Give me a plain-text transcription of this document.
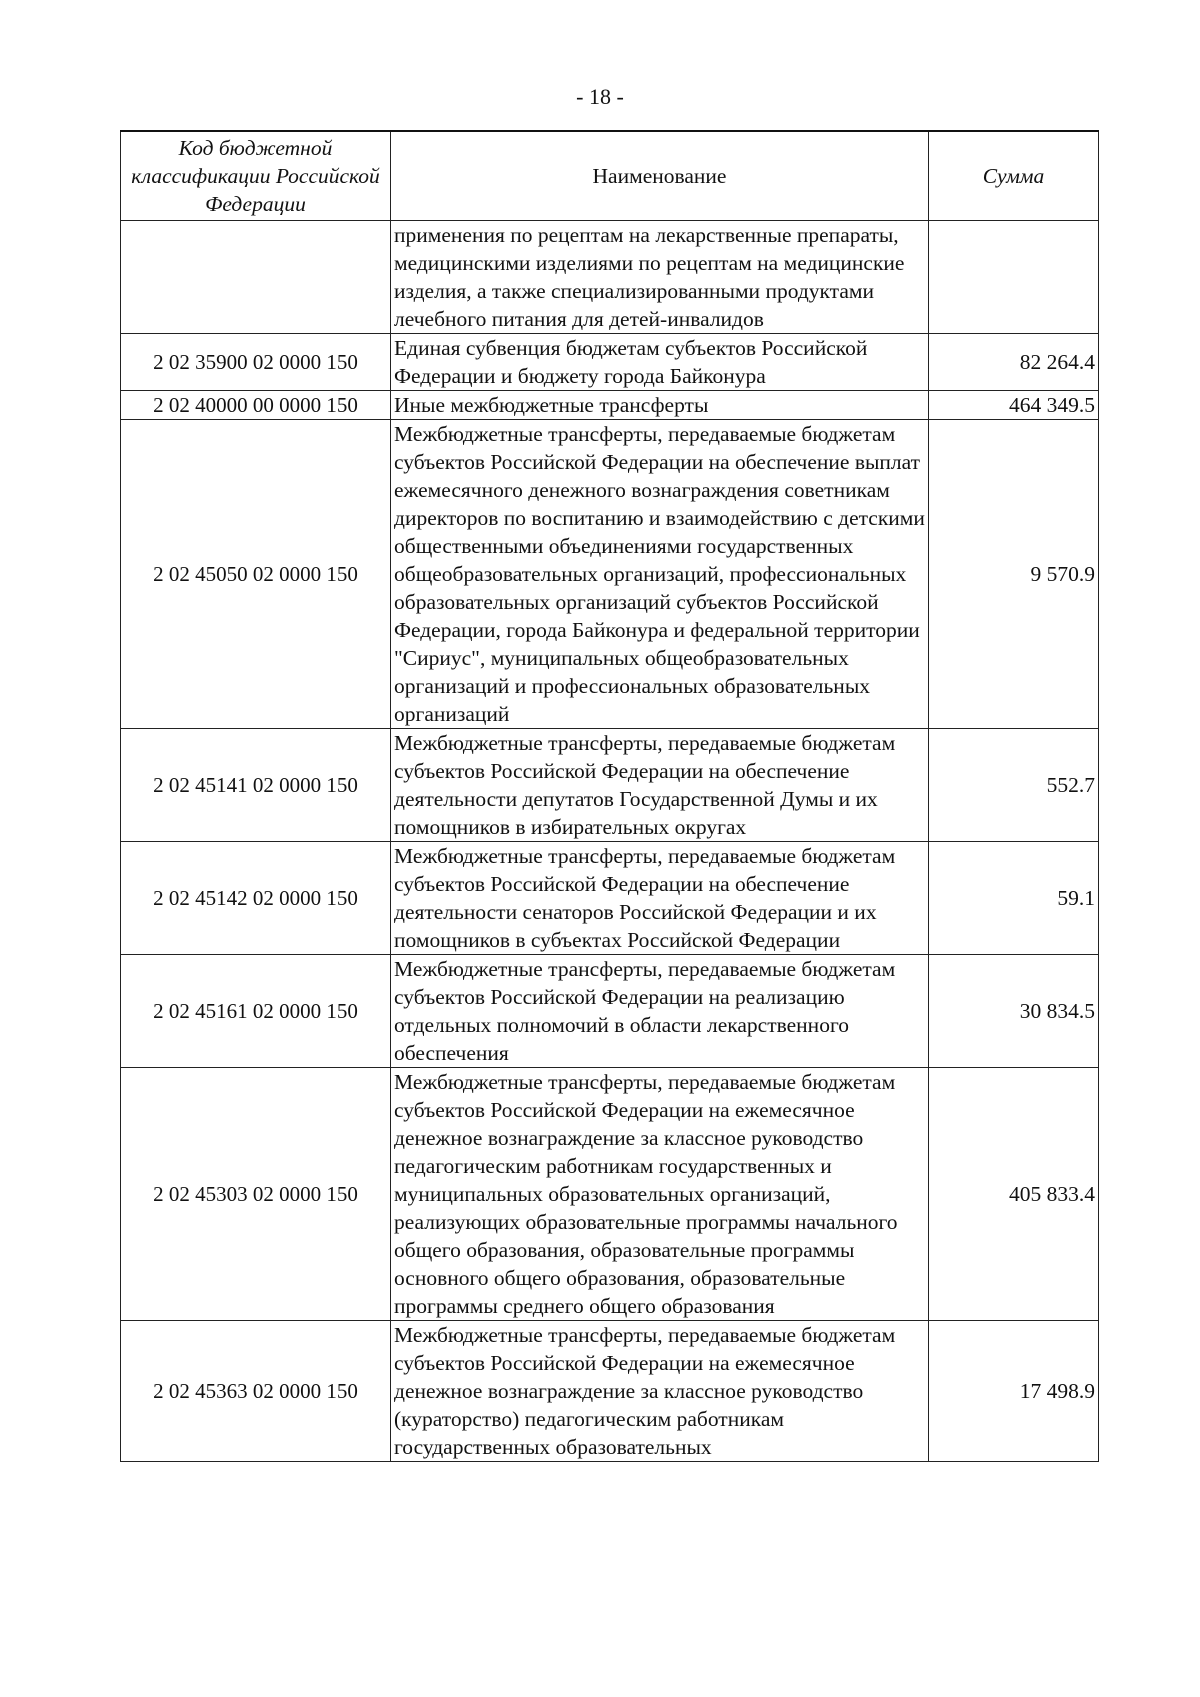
- 18 -
Код бюджетной классификации Российской Федерации	Наименование	Сумма
	применения по рецептам на лекарственные препараты, медицинскими изделиями по рецептам на медицинские изделия, а также специализированными продуктами лечебного питания для детей-инвалидов	
2 02 35900 02 0000 150	Единая субвенция бюджетам субъектов Российской Федерации и бюджету города Байконура	82 264.4
2 02 40000 00 0000 150	Иные межбюджетные трансферты	464 349.5
2 02 45050 02 0000 150	Межбюджетные трансферты, передаваемые бюджетам субъектов Российской Федерации на обеспечение выплат ежемесячного денежного вознаграждения советникам директоров по воспитанию и взаимодействию с детскими общественными объединениями государственных общеобразовательных организаций, профессиональных образовательных организаций субъектов Российской Федерации, города Байконура и федеральной территории "Сириус", муниципальных общеобразовательных организаций и профессиональных образовательных организаций	9 570.9
2 02 45141 02 0000 150	Межбюджетные трансферты, передаваемые бюджетам субъектов Российской Федерации на обеспечение деятельности депутатов Государственной Думы и их помощников в избирательных округах	552.7
2 02 45142 02 0000 150	Межбюджетные трансферты, передаваемые бюджетам субъектов Российской Федерации на обеспечение деятельности сенаторов Российской Федерации и их помощников в субъектах Российской Федерации	59.1
2 02 45161 02 0000 150	Межбюджетные трансферты, передаваемые бюджетам субъектов Российской Федерации на реализацию отдельных полномочий в области лекарственного обеспечения	30 834.5
2 02 45303 02 0000 150	Межбюджетные трансферты, передаваемые бюджетам субъектов Российской Федерации на ежемесячное денежное вознаграждение за классное руководство педагогическим работникам государственных и муниципальных образовательных организаций, реализующих образовательные программы начального общего образования, образовательные программы основного общего образования, образовательные программы среднего общего образования	405 833.4
2 02 45363 02 0000 150	Межбюджетные трансферты, передаваемые бюджетам субъектов Российской Федерации на ежемесячное денежное вознаграждение за классное руководство (кураторство) педагогическим работникам государственных образовательных	17 498.9
